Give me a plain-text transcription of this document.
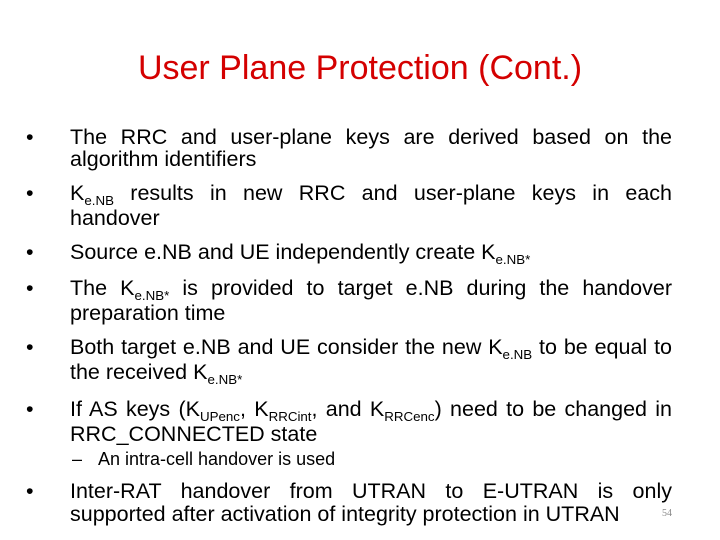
User Plane Protection (Cont.)
• The RRC and user-plane keys are derived based on the algorithm identifiers
• $K_{e.NB}$ results in new RRC and user-plane keys in each handover
• Source e.NB and UE independently create $K_{e.NB*}$
• The $K_{e.NB*}$ is provided to target e.NB during the handover preparation time
• Both target e.NB and UE consider the new $K_{e.NB}$ to be equal to the received $K_{e.NB*}$
• If AS keys ($K_{UPenc}$, $K_{RRCint}$, and $K_{RRCenc}$) need to be changed in RRC_CONNECTED state
– An intra-cell handover is used
• Inter-RAT handover from UTRAN to E-UTRAN is only supported after activation of integrity protection in UTRAN	54
